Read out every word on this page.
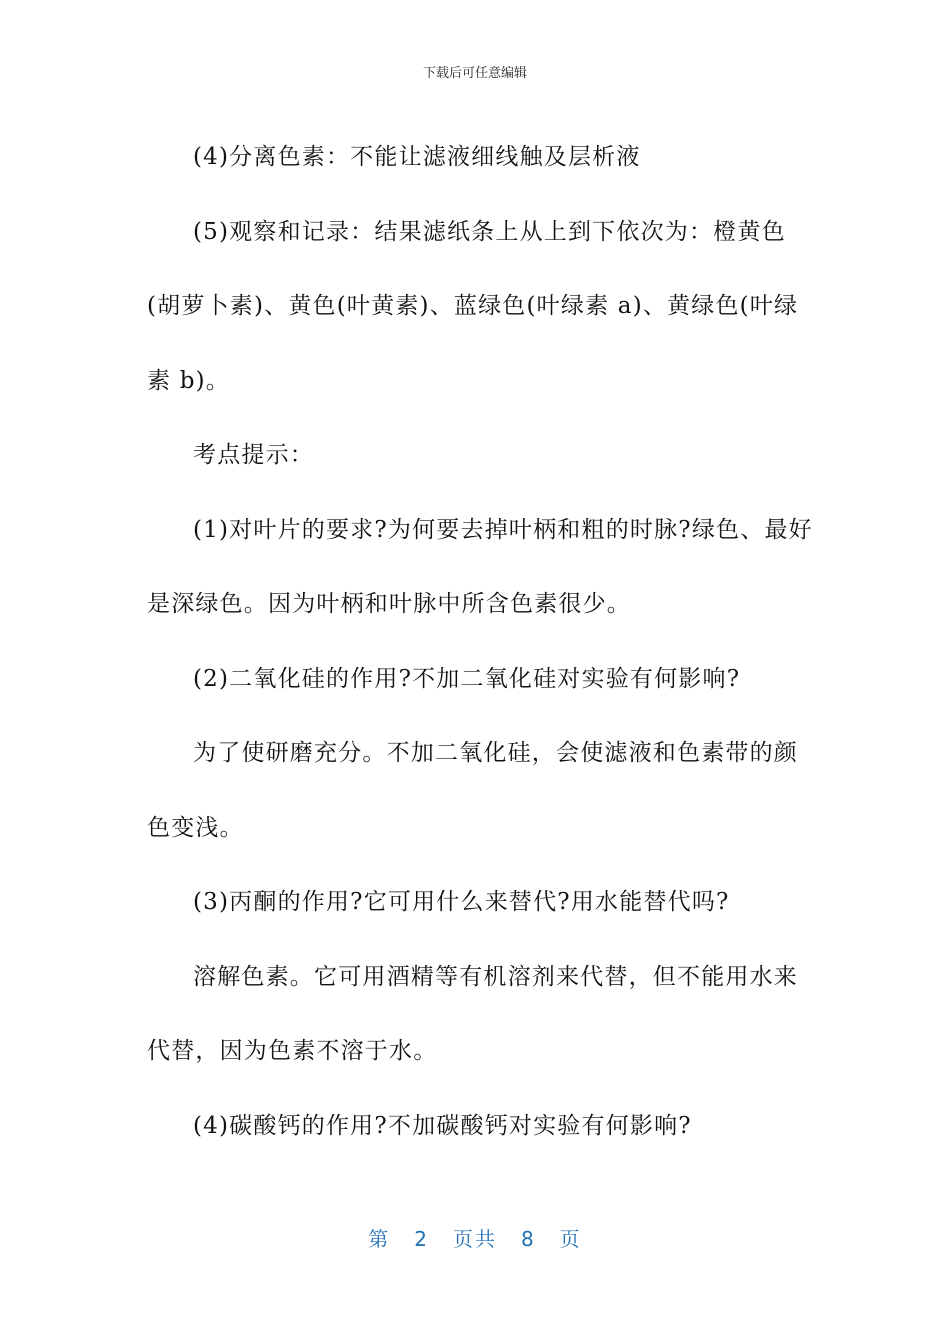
下载后可任意编辑

(4)分离色素：不能让滤液细线触及层析液

(5)观察和记录：结果滤纸条上从上到下依次为：橙黄色

(胡萝卜素)、黄色(叶黄素)、蓝绿色(叶绿素 a)、黄绿色(叶绿

素 b)。

考点提示：

(1)对叶片的要求?为何要去掉叶柄和粗的时脉?绿色、最好

是深绿色。因为叶柄和叶脉中所含色素很少。

(2)二氧化硅的作用?不加二氧化硅对实验有何影响?

为了使研磨充分。不加二氧化硅，会使滤液和色素带的颜

色变浅。

(3)丙酮的作用?它可用什么来替代?用水能替代吗?

溶解色素。它可用酒精等有机溶剂来代替，但不能用水来

代替，因为色素不溶于水。

(4)碳酸钙的作用?不加碳酸钙对实验有何影响?

第 2 页共 8 页
